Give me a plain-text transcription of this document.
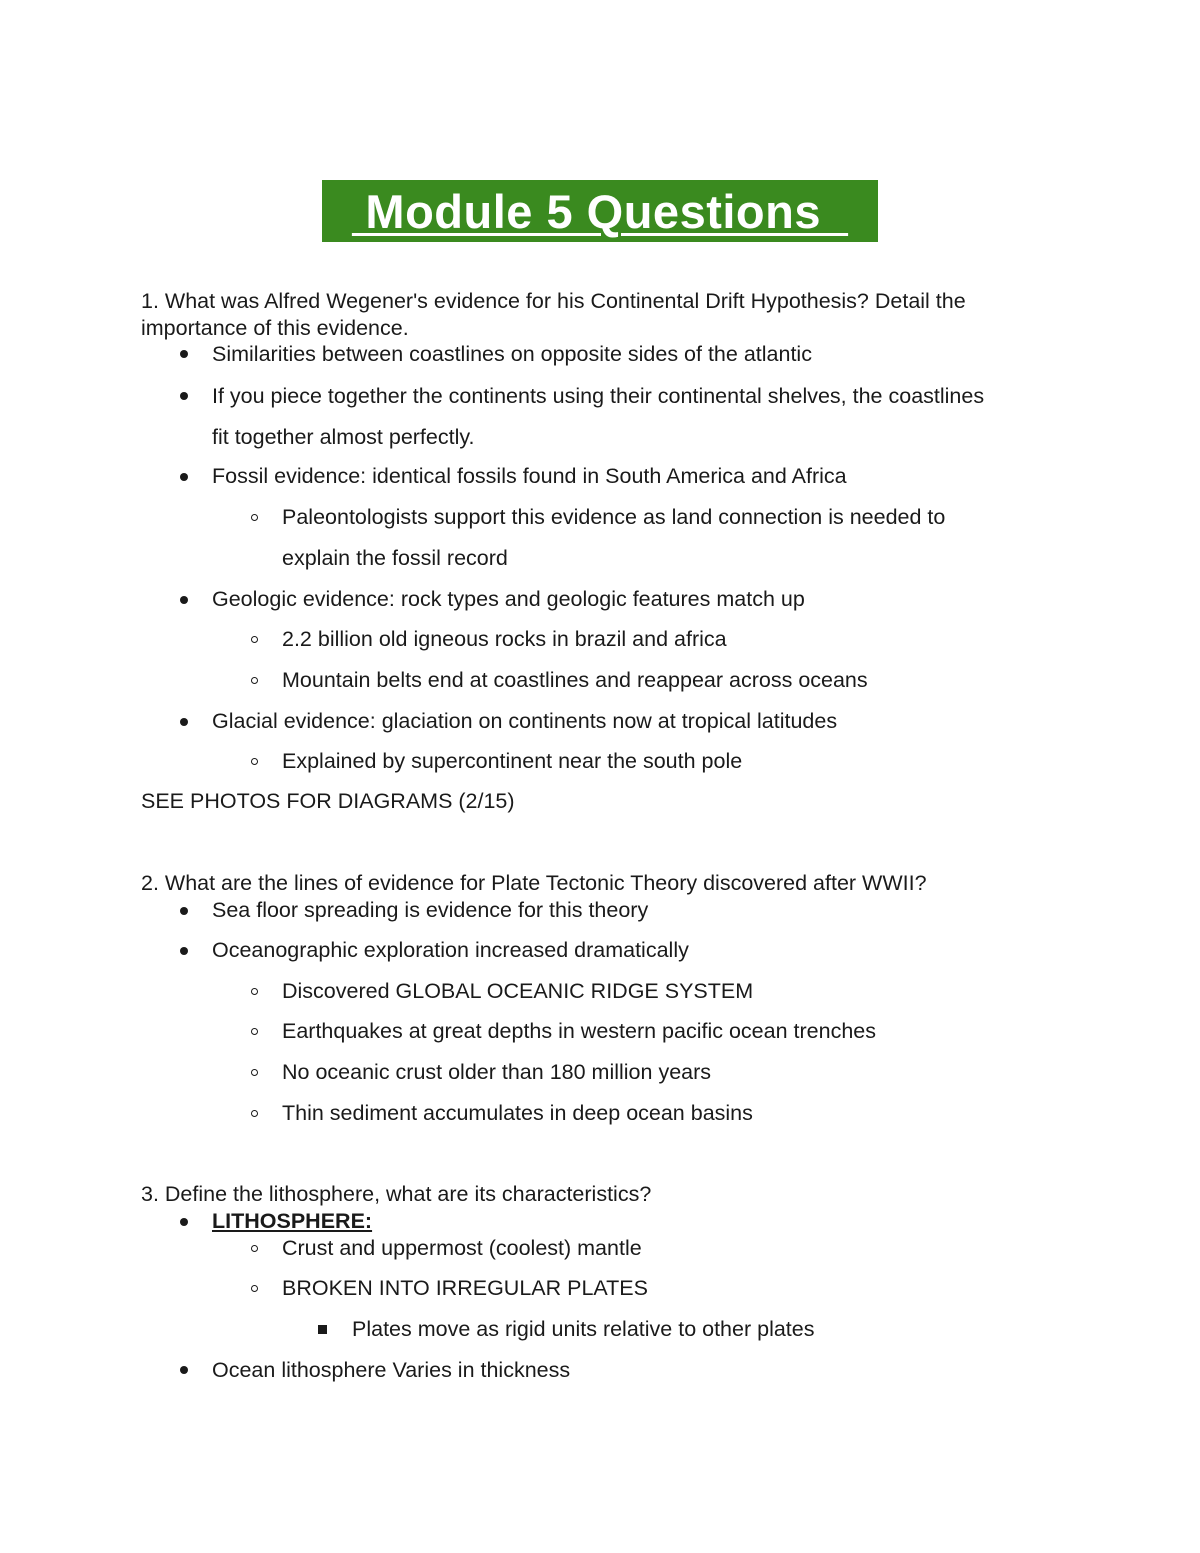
Module 5 Questions
1. What was Alfred Wegener's evidence for his Continental Drift Hypothesis? Detail the
importance of this evidence.
Similarities between coastlines on opposite sides of the atlantic
If you piece together the continents using their continental shelves, the coastlines
fit together almost perfectly.
Fossil evidence: identical fossils found in South America and Africa
Paleontologists support this evidence as land connection is needed to
explain the fossil record
Geologic evidence: rock types and geologic features match up
2.2 billion old igneous rocks in brazil and africa
Mountain belts end at coastlines and reappear across oceans
Glacial evidence: glaciation on continents now at tropical latitudes
Explained by supercontinent near the south pole
SEE PHOTOS FOR DIAGRAMS (2/15)
2. What are the lines of evidence for Plate Tectonic Theory discovered after WWII?
Sea floor spreading is evidence for this theory
Oceanographic exploration increased dramatically
Discovered GLOBAL OCEANIC RIDGE SYSTEM
Earthquakes at great depths in western pacific ocean trenches
No oceanic crust older than 180 million years
Thin sediment accumulates in deep ocean basins
3. Define the lithosphere, what are its characteristics?
LITHOSPHERE:
Crust and uppermost (coolest) mantle
BROKEN INTO IRREGULAR PLATES
Plates move as rigid units relative to other plates
Ocean lithosphere Varies in thickness
